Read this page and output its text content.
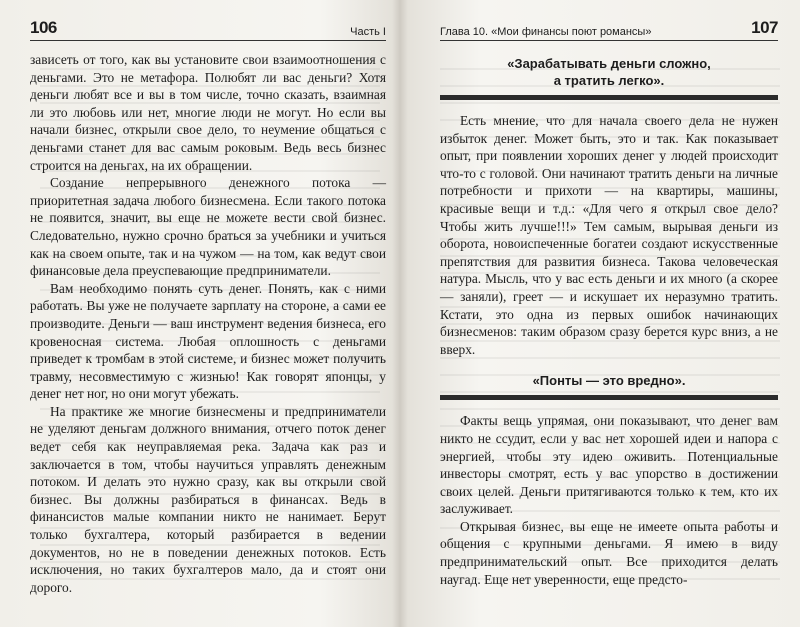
106	Часть I

зависеть от того, как вы установите свои взаимоотношения с деньгами. Это не метафора. Полюбят ли вас деньги? Хотя деньги любят все и вы в том числе, точно сказать, взаимная ли это любовь или нет, многие люди не могут. Но если вы начали бизнес, открыли свое дело, то неумение общаться с деньгами станет для вас самым роковым. Ведь весь бизнес строится на деньгах, на их обращении.

Создание непрерывного денежного потока — приоритетная задача любого бизнесмена. Если такого потока не появится, значит, вы еще не можете вести свой бизнес. Следовательно, нужно срочно браться за учебники и учиться как на своем опыте, так и на чужом — на том, как ведут свои финансовые дела преуспевающие предприниматели.

Вам необходимо понять суть денег. Понять, как с ними работать. Вы уже не получаете зарплату на стороне, а сами ее производите. Деньги — ваш инструмент ведения бизнеса, его кровеносная система. Любая оплошность с деньгами приведет к тромбам в этой системе, и бизнес может получить травму, несовместимую с жизнью! Как говорят японцы, у денег нет ног, но они могут убежать.

На практике же многие бизнесмены и предприниматели не уделяют деньгам должного внимания, отчего поток денег ведет себя как неуправляемая река. Задача как раз и заключается в том, чтобы научиться управлять денежным потоком. И делать это нужно сразу, как вы открыли свой бизнес. Вы должны разбираться в финансах. Ведь в финансистов малые компании никто не нанимает. Берут только бухгалтера, который разбирается в ведении документов, но не в поведении денежных потоков. Есть исключения, но таких бухгалтеров мало, да и стоят они дорого.

Глава 10. «Мои финансы поют романсы»	107
«Зарабатывать деньги сложно,
а тратить легко».

Есть мнение, что для начала своего дела не нужен избыток денег. Может быть, это и так. Как показывает опыт, при появлении хороших денег у людей происходит что-то с головой. Они начинают тратить деньги на личные потребности и прихоти — на квартиры, машины, красивые вещи и т.д.: «Для чего я открыл свое дело? Чтобы жить лучше!!!» Тем самым, вырывая деньги из оборота, новоиспеченные богатеи создают искусственные препятствия для развития бизнеса. Такова человеческая натура. Мысль, что у вас есть деньги и их много (а скорее — заняли), греет — и искушает их неразумно тратить. Кстати, это одна из первых ошибок начинающих бизнесменов: таким образом сразу берется курс вниз, а не вверх.

«Понты — это вредно».

Факты вещь упрямая, они показывают, что денег вам никто не ссудит, если у вас нет хорошей идеи и напора с энергией, чтобы эту идею оживить. Потенциальные инвесторы смотрят, есть у вас упорство в достижении своих целей. Деньги притягиваются только к тем, кто их заслуживает.

Открывая бизнес, вы еще не имеете опыта работы и общения с крупными деньгами. Я имею в виду предпринимательский опыт. Все приходится делать наугад. Еще нет уверенности, еще предсто-
